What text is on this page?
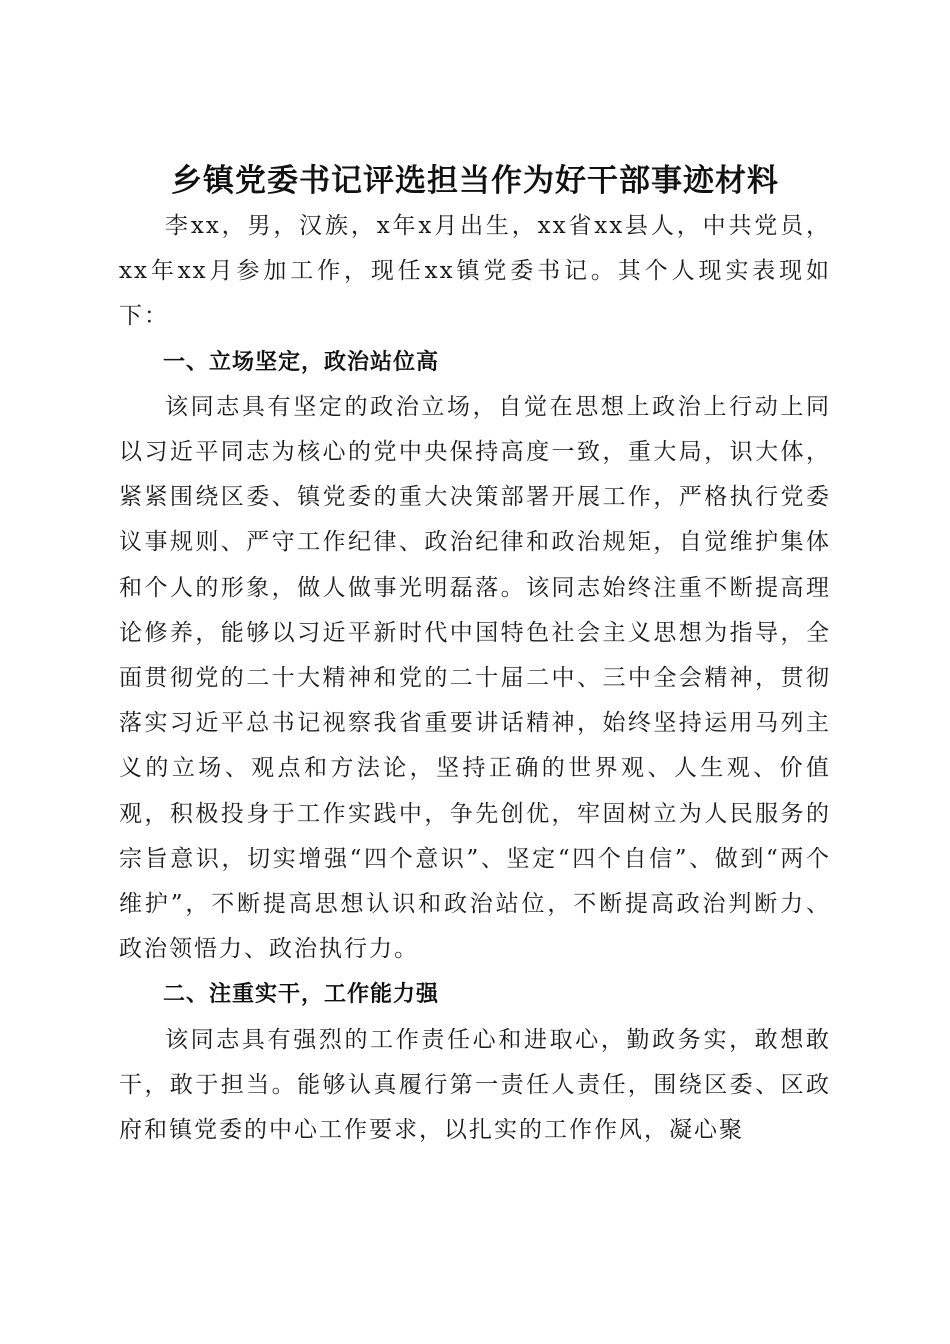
乡镇党委书记评选担当作为好干部事迹材料

李xx，男，汉族，x年x月出生，xx省xx县人，中共党员，xx年xx月参加工作，现任xx镇党委书记。其个人现实表现如下：

一、立场坚定，政治站位高

该同志具有坚定的政治立场，自觉在思想上政治上行动上同以习近平同志为核心的党中央保持高度一致，重大局，识大体，紧紧围绕区委、镇党委的重大决策部署开展工作，严格执行党委议事规则、严守工作纪律、政治纪律和政治规矩，自觉维护集体和个人的形象，做人做事光明磊落。该同志始终注重不断提高理论修养，能够以习近平新时代中国特色社会主义思想为指导，全面贯彻党的二十大精神和党的二十届二中、三中全会精神，贯彻落实习近平总书记视察我省重要讲话精神，始终坚持运用马列主义的立场、观点和方法论，坚持正确的世界观、人生观、价值观，积极投身于工作实践中，争先创优，牢固树立为人民服务的宗旨意识，切实增强“四个意识”、坚定“四个自信”、做到“两个维护”，不断提高思想认识和政治站位，不断提高政治判断力、政治领悟力、政治执行力。

二、注重实干，工作能力强

该同志具有强烈的工作责任心和进取心，勤政务实，敢想敢干，敢于担当。能够认真履行第一责任人责任，围绕区委、区政府和镇党委的中心工作要求，以扎实的工作作风，凝心聚
